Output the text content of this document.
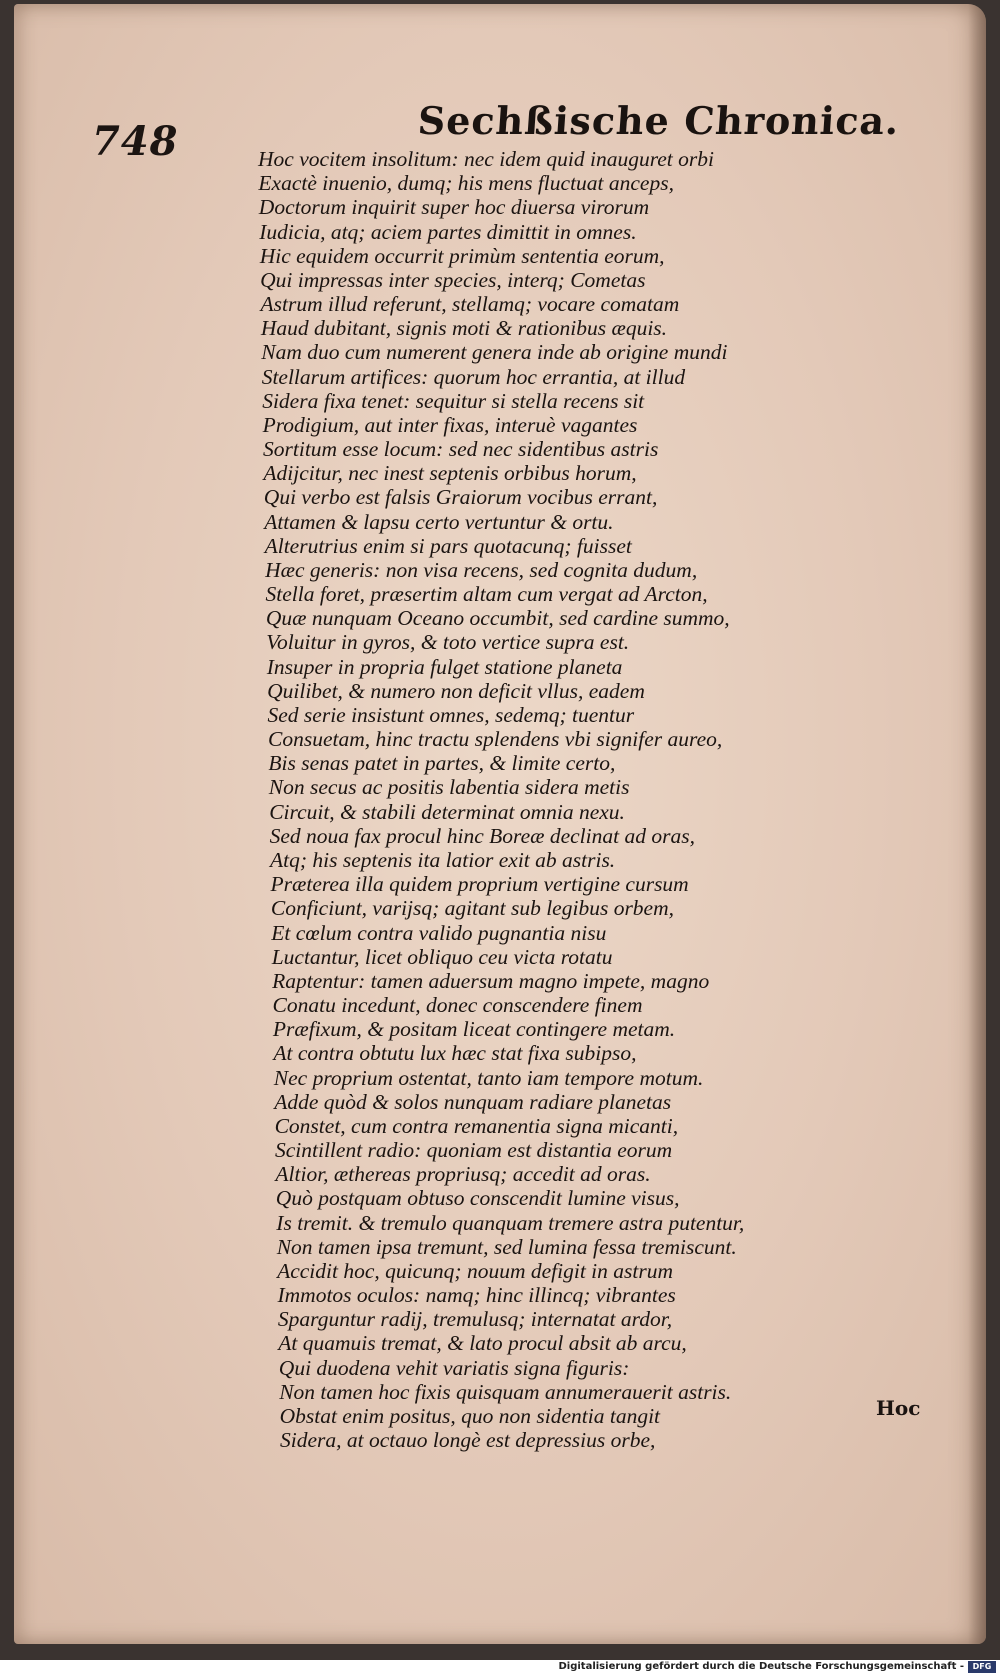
748	Sechßische Chronica.
Hoc vocitem insolitum: nec idem quid inauguret orbi
Exactè inuenio, dumq; his mens fluctuat anceps,
Doctorum inquirit super hoc diuersa virorum
Iudicia, atq; aciem partes dimittit in omnes.
Hic equidem occurrit primùm sententia eorum,
Qui impressas inter species, interq; Cometas
Astrum illud referunt, stellamq; vocare comatam
Haud dubitant, signis moti & rationibus æquis.
Nam duo cum numerent genera inde ab origine mundi
Stellarum artifices: quorum hoc errantia, at illud
Sidera fixa tenet: sequitur si stella recens sit
Prodigium, aut inter fixas, interuè vagantes
Sortitum esse locum: sed nec sidentibus astris
Adijcitur, nec inest septenis orbibus horum,
Qui verbo est falsis Graiorum vocibus errant,
Attamen & lapsu certo vertuntur & ortu.
Alterutrius enim si pars quotacunq; fuisset
Hæc generis: non visa recens, sed cognita dudum,
Stella foret, præsertim altam cum vergat ad Arcton,
Quæ nunquam Oceano occumbit, sed cardine summo,
Voluitur in gyros, & toto vertice supra est.
Insuper in propria fulget statione planeta
Quilibet, & numero non deficit vllus, eadem
Sed serie insistunt omnes, sedemq; tuentur
Consuetam, hinc tractu splendens vbi signifer aureo,
Bis senas patet in partes, & limite certo,
Non secus ac positis labentia sidera metis
Circuit, & stabili determinat omnia nexu.
Sed noua fax procul hinc Boreæ declinat ad oras,
Atq; his septenis ita latior exit ab astris.
Præterea illa quidem proprium vertigine cursum
Conficiunt, varijsq; agitant sub legibus orbem,
Et cœlum contra valido pugnantia nisu
Luctantur, licet obliquo ceu victa rotatu
Raptentur: tamen aduersum magno impete, magno
Conatu incedunt, donec conscendere finem
Præfixum, & positam liceat contingere metam.
At contra obtutu lux hæc stat fixa subipso,
Nec proprium ostentat, tanto iam tempore motum.
Adde quòd & solos nunquam radiare planetas
Constet, cum contra remanentia signa micanti,
Scintillent radio: quoniam est distantia eorum
Altior, æthereas propriusq; accedit ad oras.
Quò postquam obtuso conscendit lumine visus,
Is tremit. & tremulo quanquam tremere astra putentur,
Non tamen ipsa tremunt, sed lumina fessa tremiscunt.
Accidit hoc, quicunq; nouum defigit in astrum
Immotos oculos: namq; hinc illincq; vibrantes
Sparguntur radij, tremulusq; internatat ardor,
At quamuis tremat, & lato procul absit ab arcu,
Qui duodena vehit variatis signa figuris:
Non tamen hoc fixis quisquam annumerauerit astris.
Obstat enim positus, quo non sidentia tangit
Sidera, at octauo longè est depressius orbe,
Hoc
Digitalisierung gefördert durch die Deutsche Forschungsgemeinschaft -	DFG
